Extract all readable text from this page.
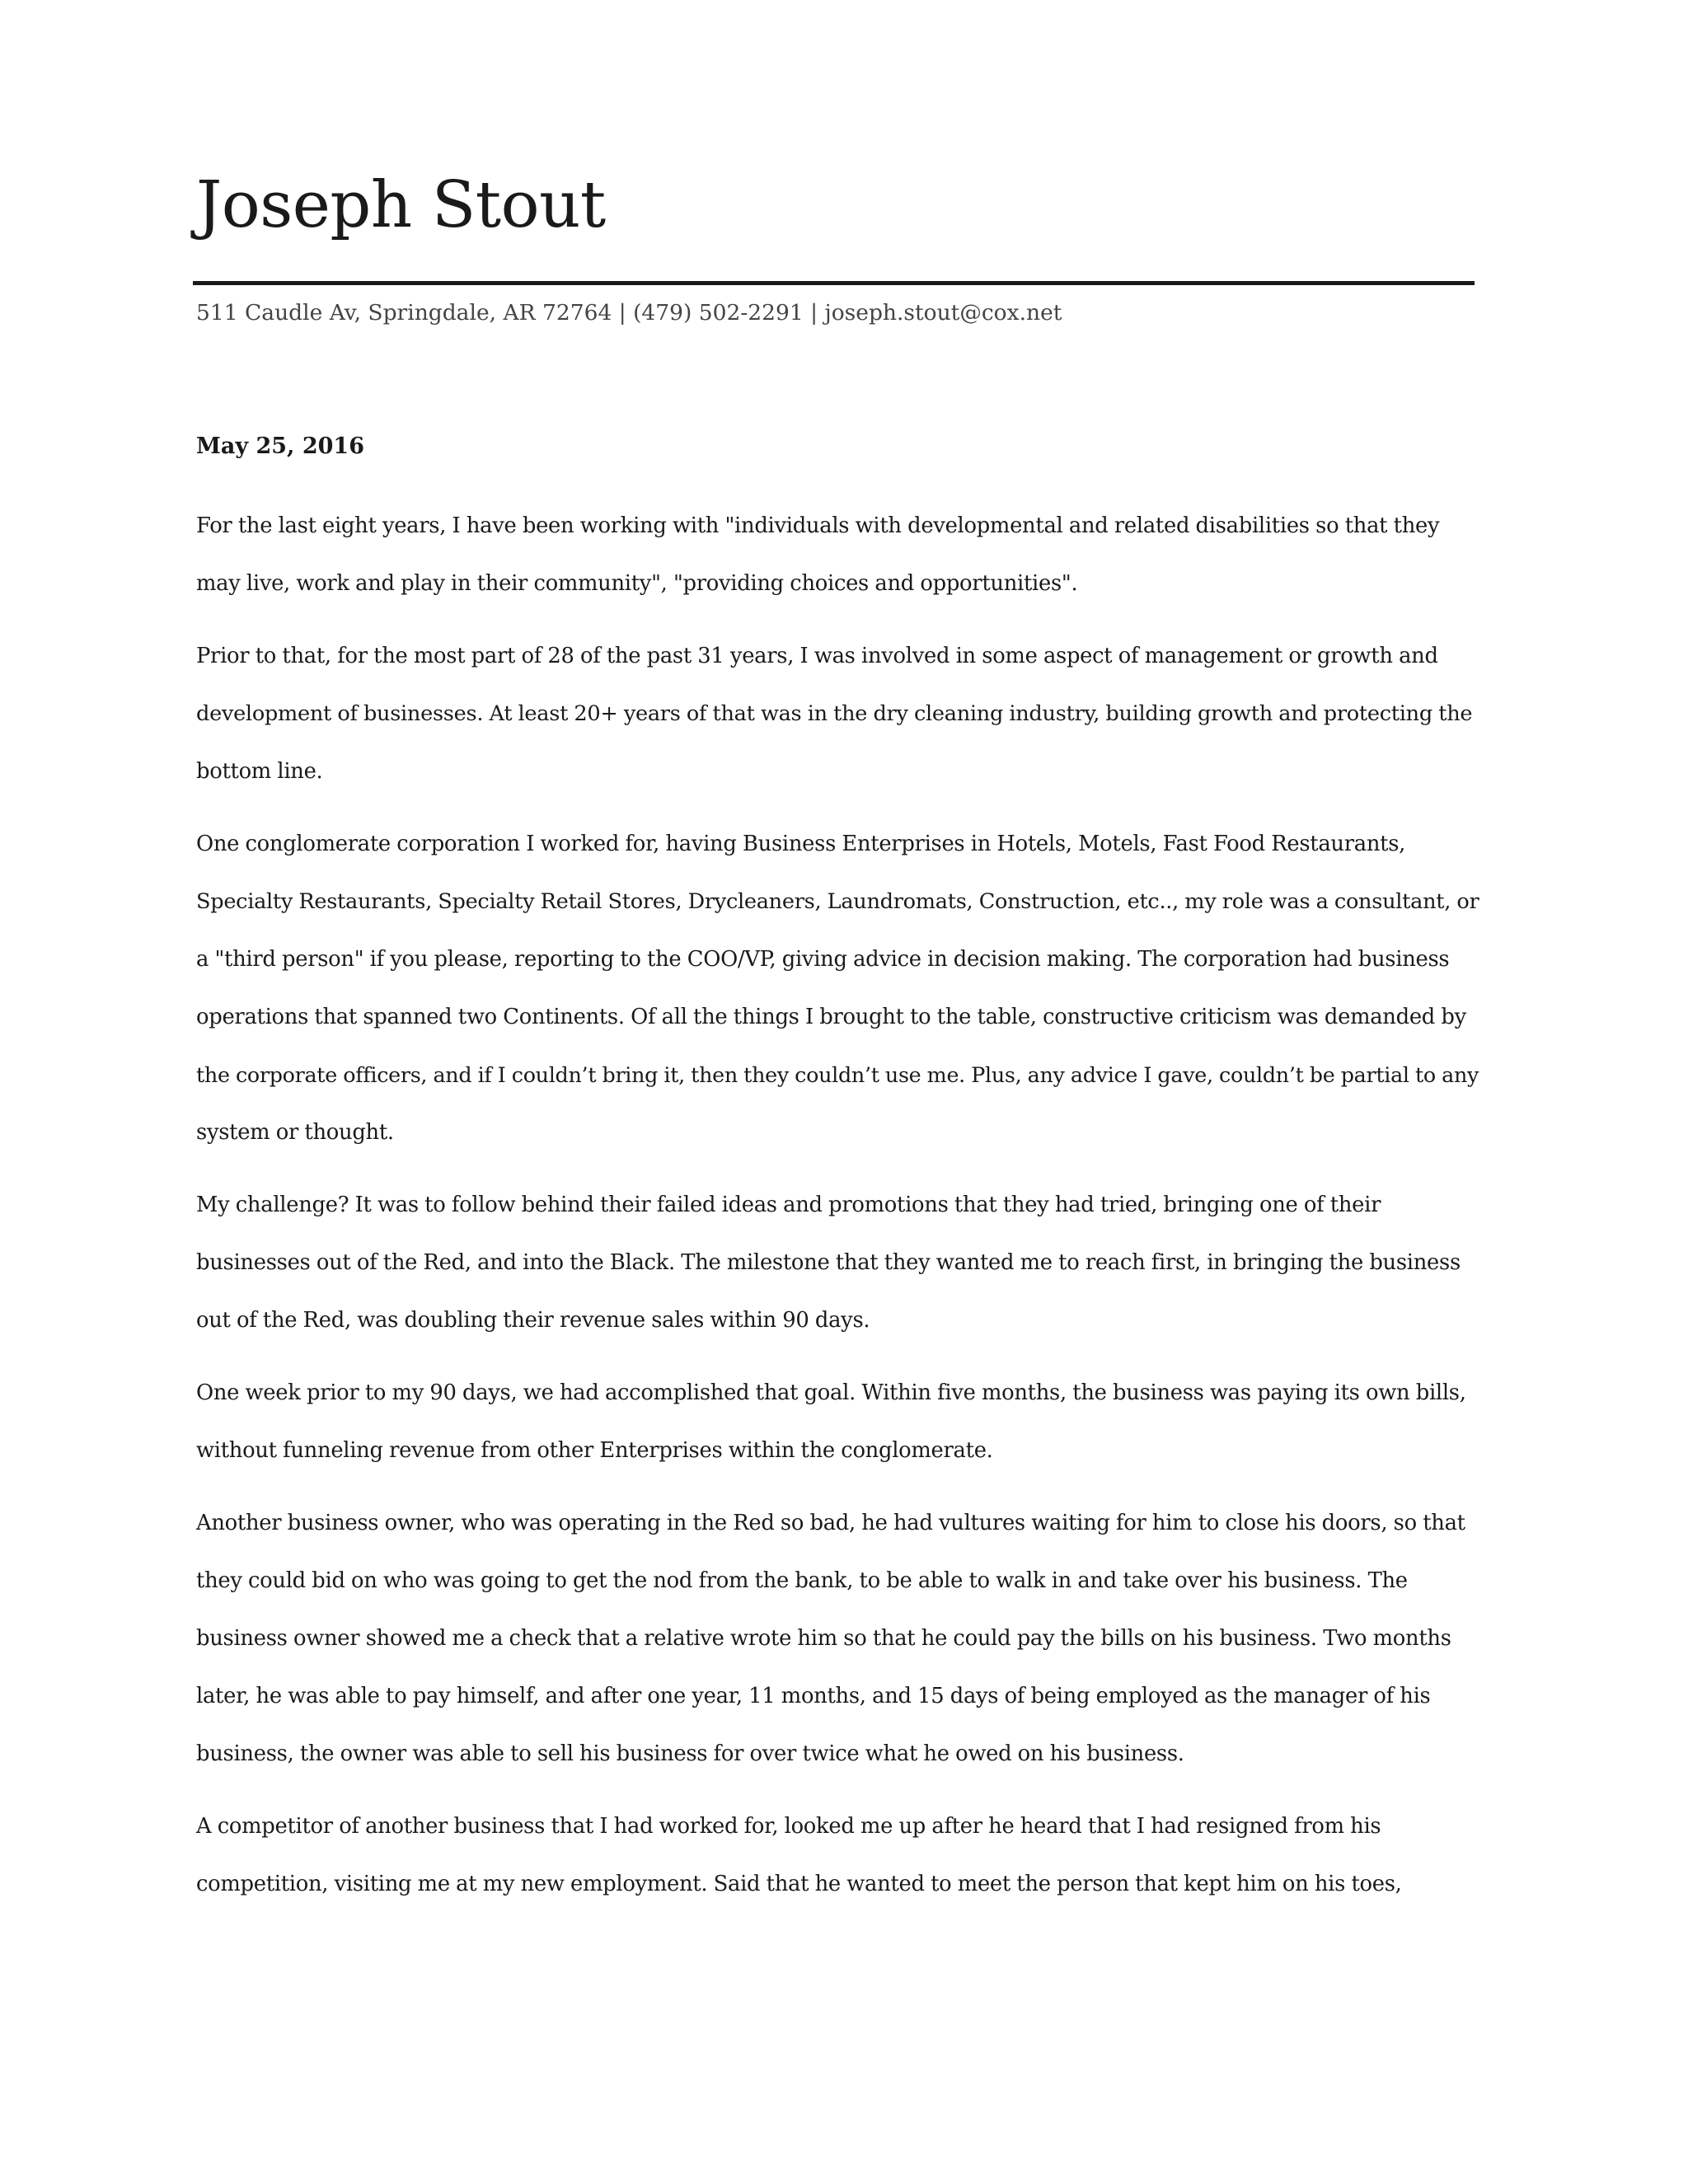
Joseph Stout
511 Caudle Av, Springdale, AR 72764 | (479) 502-2291 | joseph.stout@cox.net
May 25, 2016
For the last eight years, I have been working with "individuals with developmental and related disabilities so that they
may live, work and play in their community", "providing choices and opportunities".
Prior to that, for the most part of 28 of the past 31 years, I was involved in some aspect of management or growth and
development of businesses. At least 20+ years of that was in the dry cleaning industry, building growth and protecting the
bottom line.
One conglomerate corporation I worked for, having Business Enterprises in Hotels, Motels, Fast Food Restaurants,
Specialty Restaurants, Specialty Retail Stores, Drycleaners, Laundromats, Construction, etc.., my role was a consultant, or
a "third person" if you please, reporting to the COO/VP, giving advice in decision making. The corporation had business
operations that spanned two Continents. Of all the things I brought to the table, constructive criticism was demanded by
the corporate officers, and if I couldn’t bring it, then they couldn’t use me. Plus, any advice I gave, couldn’t be partial to any
system or thought.
My challenge? It was to follow behind their failed ideas and promotions that they had tried, bringing one of their
businesses out of the Red, and into the Black. The milestone that they wanted me to reach first, in bringing the business
out of the Red, was doubling their revenue sales within 90 days.
One week prior to my 90 days, we had accomplished that goal. Within five months, the business was paying its own bills,
without funneling revenue from other Enterprises within the conglomerate.
Another business owner, who was operating in the Red so bad, he had vultures waiting for him to close his doors, so that
they could bid on who was going to get the nod from the bank, to be able to walk in and take over his business. The
business owner showed me a check that a relative wrote him so that he could pay the bills on his business. Two months
later, he was able to pay himself, and after one year, 11 months, and 15 days of being employed as the manager of his
business, the owner was able to sell his business for over twice what he owed on his business.
A competitor of another business that I had worked for, looked me up after he heard that I had resigned from his
competition, visiting me at my new employment. Said that he wanted to meet the person that kept him on his toes,
